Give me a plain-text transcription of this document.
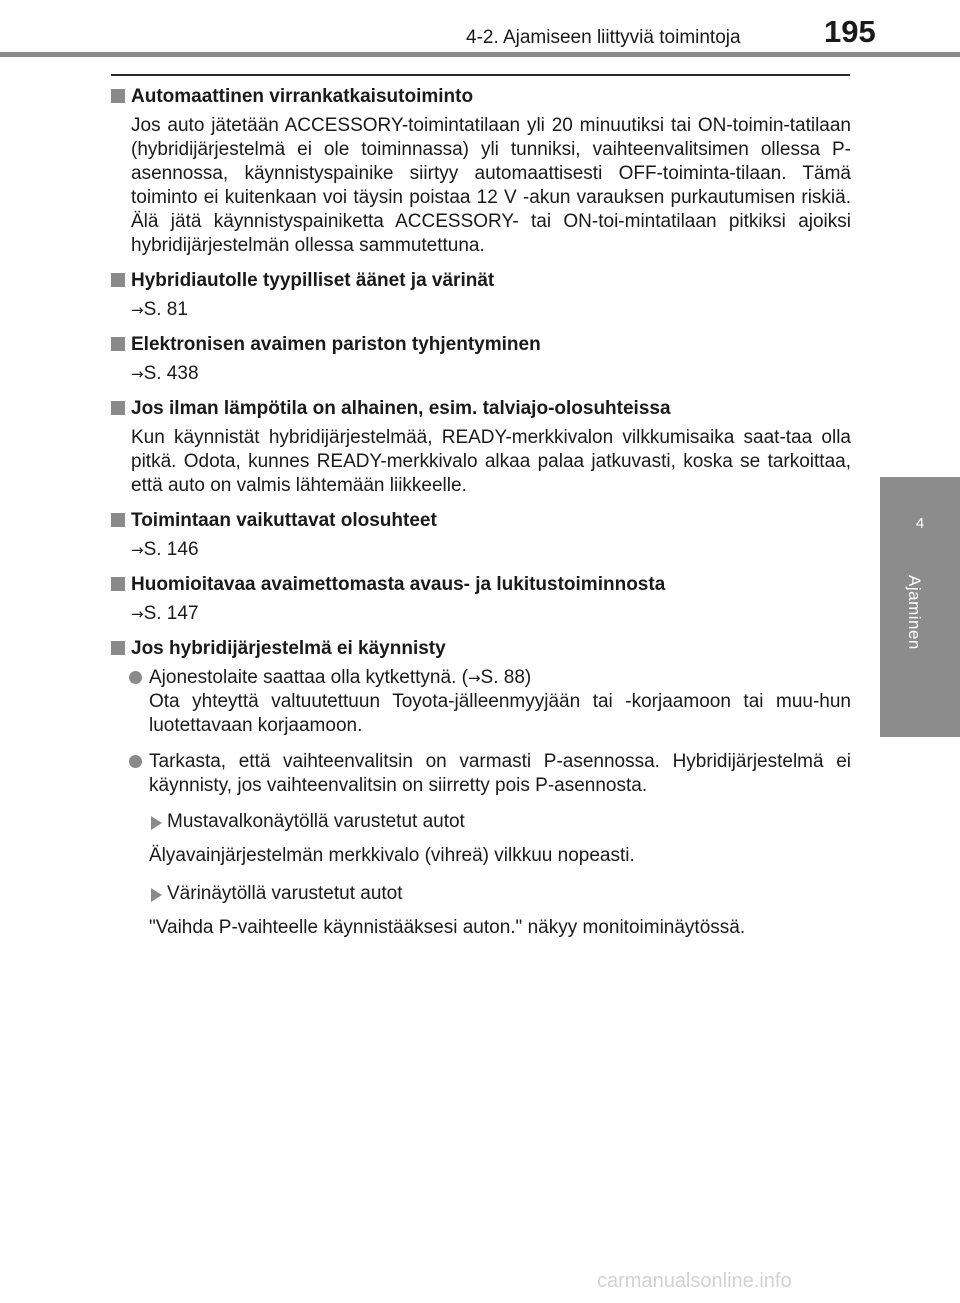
4-2. Ajamiseen liittyviä toimintoja	195
4
Ajaminen
Automaattinen virrankatkaisutoiminto
Jos auto jätetään ACCESSORY-toimintatilaan yli 20 minuutiksi tai ON-toimin-tatilaan (hybridijärjestelmä ei ole toiminnassa) yli tunniksi, vaihteenvalitsimen ollessa P-asennossa, käynnistyspainike siirtyy automaattisesti OFF-toiminta-tilaan. Tämä toiminto ei kuitenkaan voi täysin poistaa 12 V -akun varauksen purkautumisen riskiä. Älä jätä käynnistyspainiketta ACCESSORY- tai ON-toi-mintatilaan pitkiksi ajoiksi hybridijärjestelmän ollessa sammutettuna.
Hybridiautolle tyypilliset äänet ja värinät
→S. 81
Elektronisen avaimen pariston tyhjentyminen
→S. 438
Jos ilman lämpötila on alhainen, esim. talviajo-olosuhteissa
Kun käynnistät hybridijärjestelmää, READY-merkkivalon vilkkumisaika saat-taa olla pitkä. Odota, kunnes READY-merkkivalo alkaa palaa jatkuvasti, koska se tarkoittaa, että auto on valmis lähtemään liikkeelle.
Toimintaan vaikuttavat olosuhteet
→S. 146
Huomioitavaa avaimettomasta avaus- ja lukitustoiminnosta
→S. 147
Jos hybridijärjestelmä ei käynnisty
Ajonestolaite saattaa olla kytkettynä. (→S. 88)
Ota yhteyttä valtuutettuun Toyota-jälleenmyyjään tai -korjaamoon tai muu-hun luotettavaan korjaamoon.
Tarkasta, että vaihteenvalitsin on varmasti P-asennossa. Hybridijärjestelmä ei käynnisty, jos vaihteenvalitsin on siirretty pois P-asennosta.
Mustavalkonäytöllä varustetut autot
Älyavainjärjestelmän merkkivalo (vihreä) vilkkuu nopeasti.
Värinäytöllä varustetut autot
"Vaihda P-vaihteelle käynnistääksesi auton." näkyy monitoiminäytössä.
carmanualsonline.info
